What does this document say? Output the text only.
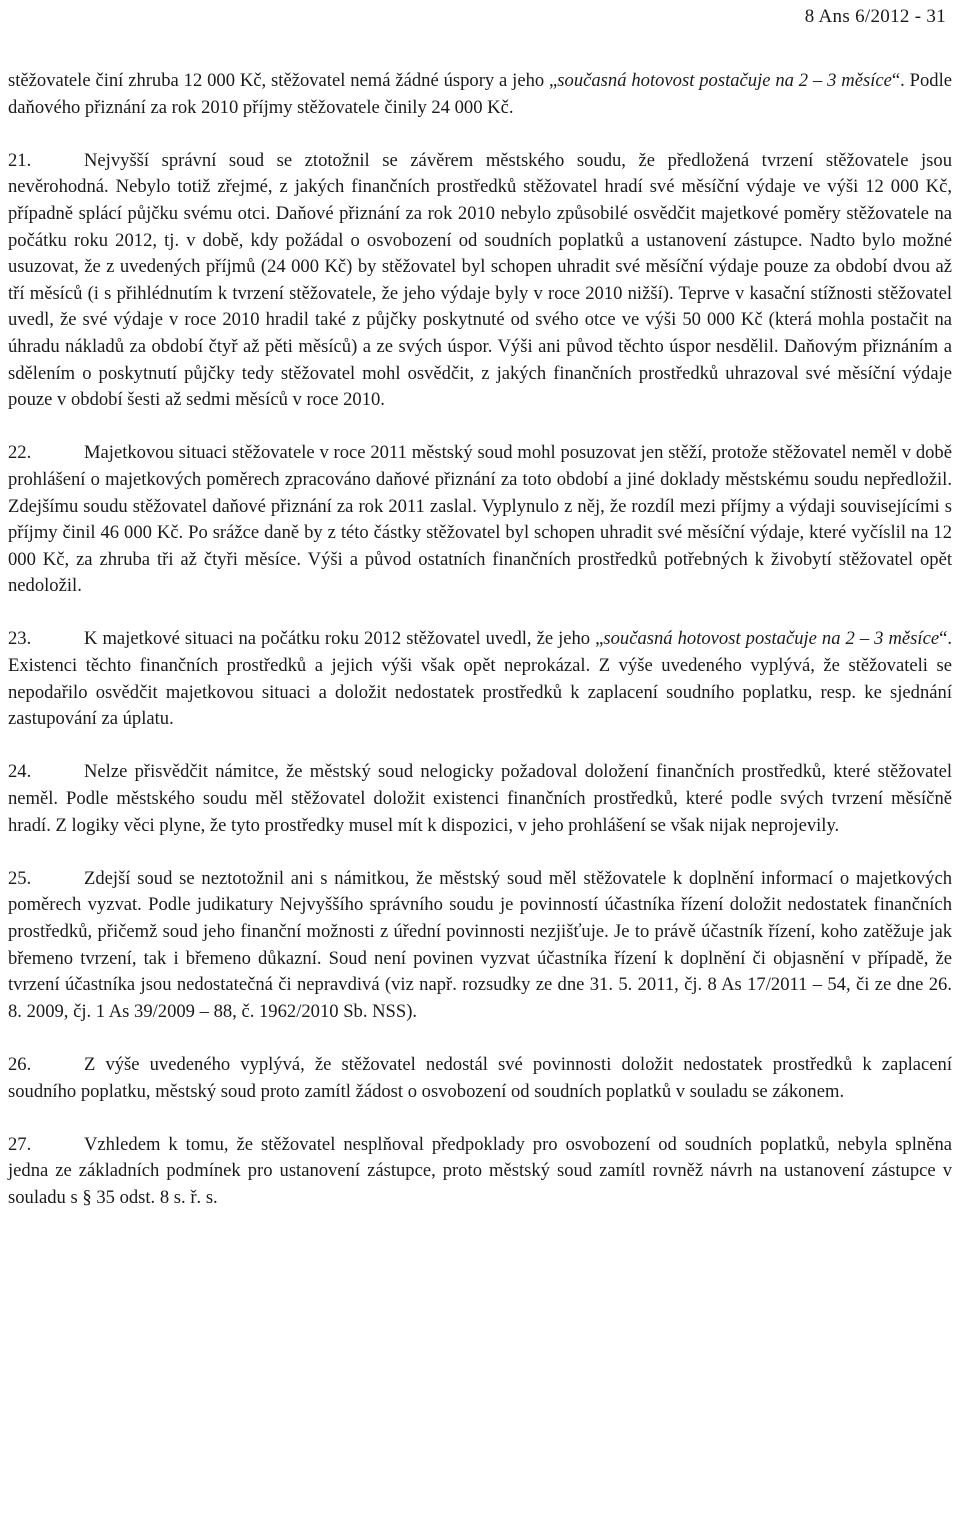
8 Ans 6/2012 - 31

stěžovatele činí zhruba 12 000 Kč, stěžovatel nemá žádné úspory a jeho „současná hotovost postačuje na 2 – 3 měsíce“. Podle daňového přiznání za rok 2010 příjmy stěžovatele činily 24 000 Kč.

21.	Nejvyšší správní soud se ztotožnil se závěrem městského soudu, že předložená tvrzení stěžovatele jsou nevěrohodná. Nebylo totiž zřejmé, z jakých finančních prostředků stěžovatel hradí své měsíční výdaje ve výši 12 000 Kč, případně splácí půjčku svému otci. Daňové přiznání za rok 2010 nebylo způsobilé osvědčit majetkové poměry stěžovatele na počátku roku 2012, tj. v době, kdy požádal o osvobození od soudních poplatků a ustanovení zástupce. Nadto bylo možné usuzovat, že z uvedených příjmů (24 000 Kč) by stěžovatel byl schopen uhradit své měsíční výdaje pouze za období dvou až tří měsíců (i s přihlédnutím k tvrzení stěžovatele, že jeho výdaje byly v roce 2010 nižší). Teprve v kasační stížnosti stěžovatel uvedl, že své výdaje v roce 2010 hradil také z půjčky poskytnuté od svého otce ve výši 50 000 Kč (která mohla postačit na úhradu nákladů za období čtyř až pěti měsíců) a ze svých úspor. Výši ani původ těchto úspor nesdělil. Daňovým přiznáním a sdělením o poskytnutí půjčky tedy stěžovatel mohl osvědčit, z jakých finančních prostředků uhrazoval své měsíční výdaje pouze v období šesti až sedmi měsíců v roce 2010.

22.	Majetkovou situaci stěžovatele v roce 2011 městský soud mohl posuzovat jen stěží, protože stěžovatel neměl v době prohlášení o majetkových poměrech zpracováno daňové přiznání za toto období a jiné doklady městskému soudu nepředložil. Zdejšímu soudu stěžovatel daňové přiznání za rok 2011 zaslal. Vyplynulo z něj, že rozdíl mezi příjmy a výdaji souvisejícími s příjmy činil 46 000 Kč. Po srážce daně by z této částky stěžovatel byl schopen uhradit své měsíční výdaje, které vyčíslil na 12 000 Kč, za zhruba tři až čtyři měsíce. Výši a původ ostatních finančních prostředků potřebných k živobytí stěžovatel opět nedoložil.

23.	K majetkové situaci na počátku roku 2012 stěžovatel uvedl, že jeho „současná hotovost postačuje na 2 – 3 měsíce“. Existenci těchto finančních prostředků a jejich výši však opět neprokázal. Z výše uvedeného vyplývá, že stěžovateli se nepodařilo osvědčit majetkovou situaci a doložit nedostatek prostředků k zaplacení soudního poplatku, resp. ke sjednání zastupování za úplatu.

24.	Nelze přisvědčit námitce, že městský soud nelogicky požadoval doložení finančních prostředků, které stěžovatel neměl. Podle městského soudu měl stěžovatel doložit existenci finančních prostředků, které podle svých tvrzení měsíčně hradí. Z logiky věci plyne, že tyto prostředky musel mít k dispozici, v jeho prohlášení se však nijak neprojevily.

25.	Zdejší soud se neztotožnil ani s námitkou, že městský soud měl stěžovatele k doplnění informací o majetkových poměrech vyzvat. Podle judikatury Nejvyššího správního soudu je povinností účastníka řízení doložit nedostatek finančních prostředků, přičemž soud jeho finanční možnosti z úřední povinnosti nezjišťuje. Je to právě účastník řízení, koho zatěžuje jak břemeno tvrzení, tak i břemeno důkazní. Soud není povinen vyzvat účastníka řízení k doplnění či objasnění v případě, že tvrzení účastníka jsou nedostatečná či nepravdivá (viz např. rozsudky ze dne 31. 5. 2011, čj. 8 As 17/2011 – 54, či ze dne 26. 8. 2009, čj. 1 As 39/2009 – 88, č. 1962/2010 Sb. NSS).

26.	Z výše uvedeného vyplývá, že stěžovatel nedostál své povinnosti doložit nedostatek prostředků k zaplacení soudního poplatku, městský soud proto zamítl žádost o osvobození od soudních poplatků v souladu se zákonem.

27.	Vzhledem k tomu, že stěžovatel nesplňoval předpoklady pro osvobození od soudních poplatků, nebyla splněna jedna ze základních podmínek pro ustanovení zástupce, proto městský soud zamítl rovněž návrh na ustanovení zástupce v souladu s § 35 odst. 8 s. ř. s.
